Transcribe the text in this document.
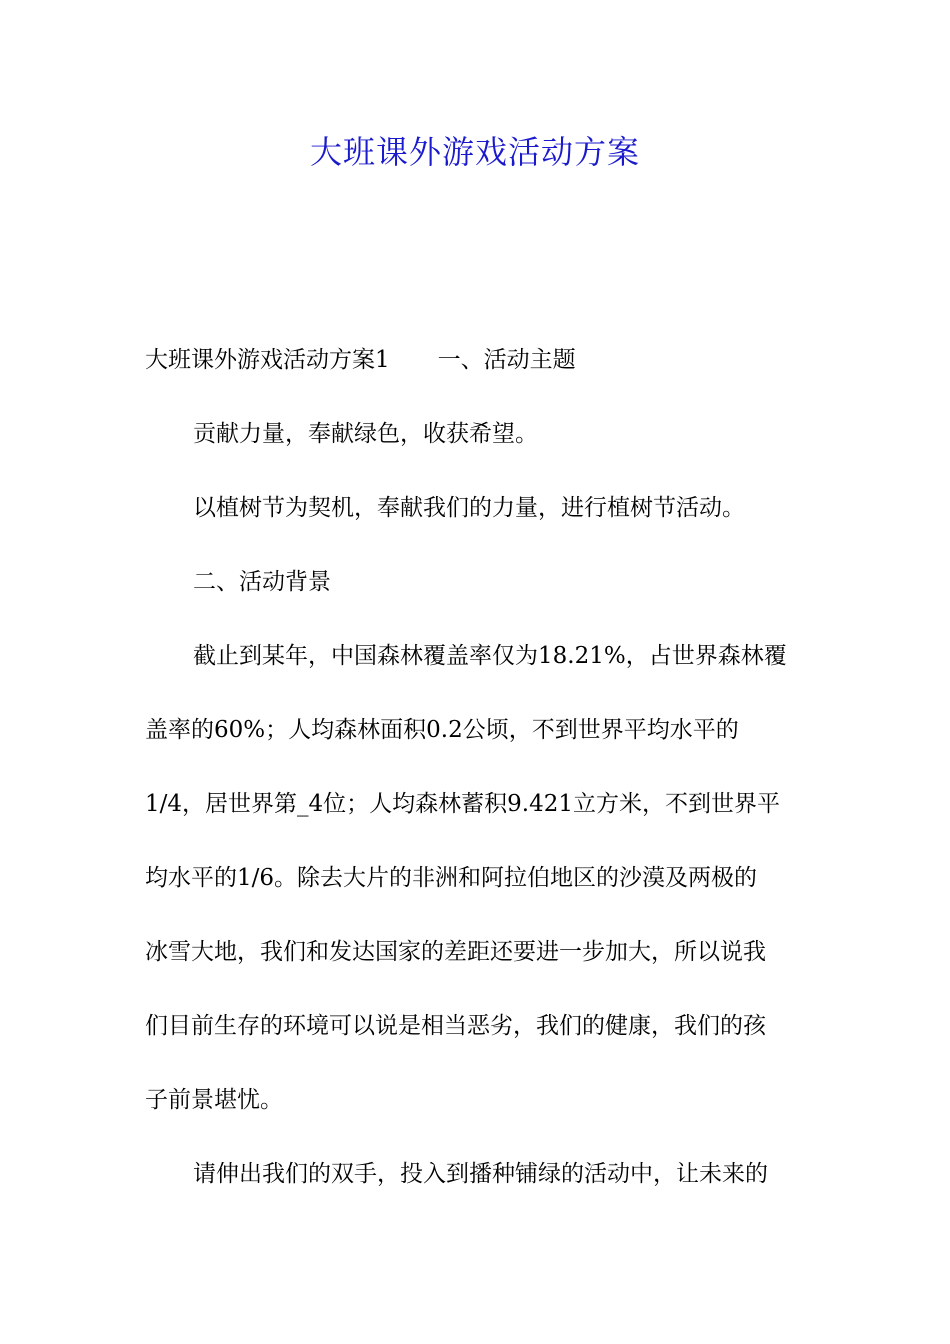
大班课外游戏活动方案
大班课外游戏活动方案1 一、活动主题
贡献力量，奉献绿色，收获希望。
以植树节为契机，奉献我们的力量，进行植树节活动。
二、活动背景
截止到某年，中国森林覆盖率仅为18.21%，占世界森林覆
盖率的60%；人均森林面积0.2公顷，不到世界平均水平的
1/4，居世界第_4位；人均森林蓄积9.421立方米，不到世界平
均水平的1/6。除去大片的非洲和阿拉伯地区的沙漠及两极的
冰雪大地，我们和发达国家的差距还要进一步加大，所以说我
们目前生存的环境可以说是相当恶劣，我们的健康，我们的孩
子前景堪忧。
请伸出我们的双手，投入到播种铺绿的活动中，让未来的
